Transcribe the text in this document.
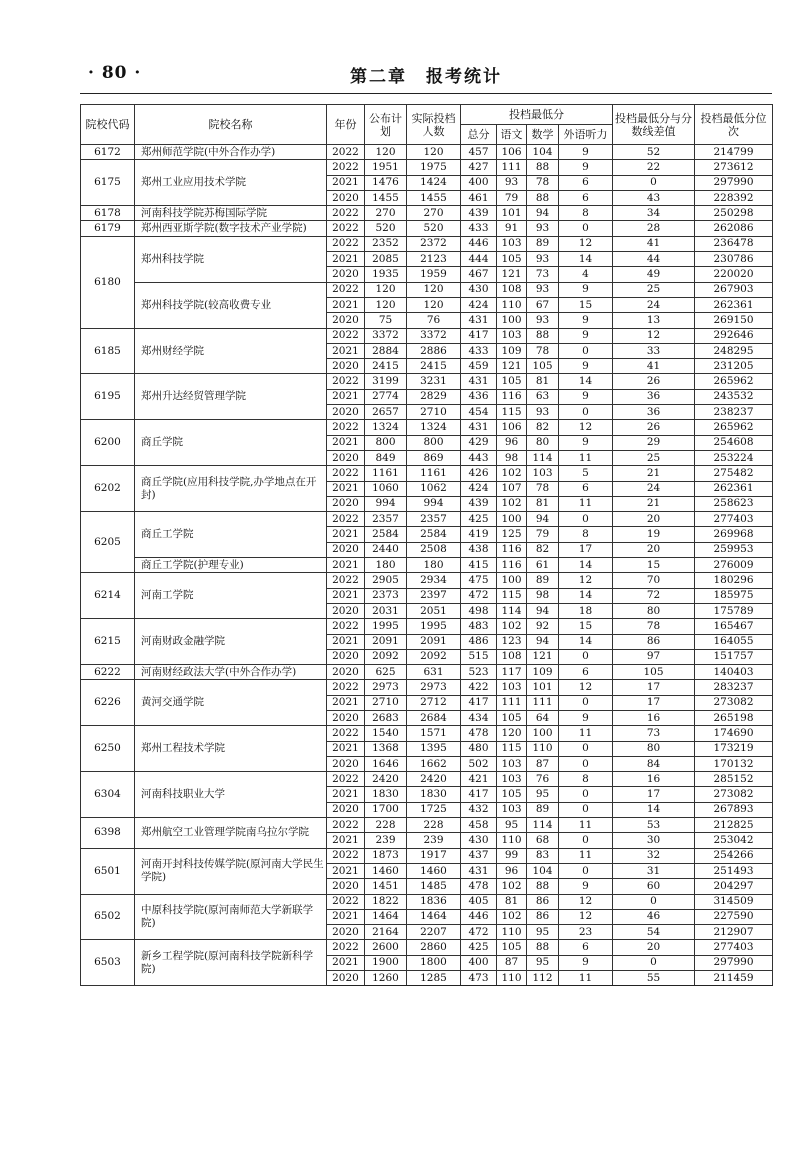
· 80 ·	第二章　报考统计
院校代码	院校名称	年份	公布计划	实际投档人数	投档最低分				投档最低分与分数线差值	投档最低分位次
					总分	语文	数学	外语听力		
6172	郑州师范学院(中外合作办学)	2022	120	120	457	106	104	9	52	214799
6175	郑州工业应用技术学院	2022	1951	1975	427	111	88	9	22	273612
		2021	1476	1424	400	93	78	6	0	297990
		2020	1455	1455	461	79	88	6	43	228392
6178	河南科技学院苏梅国际学院	2022	270	270	439	101	94	8	34	250298
6179	郑州西亚斯学院(数字技术产业学院)	2022	520	520	433	91	93	0	28	262086
6180	郑州科技学院	2022	2352	2372	446	103	89	12	41	236478
		2021	2085	2123	444	105	93	14	44	230786
		2020	1935	1959	467	121	73	4	49	220020
	郑州科技学院(较高收费专业	2022	120	120	430	108	93	9	25	267903
		2021	120	120	424	110	67	15	24	262361
		2020	75	76	431	100	93	9	13	269150
6185	郑州财经学院	2022	3372	3372	417	103	88	9	12	292646
		2021	2884	2886	433	109	78	0	33	248295
		2020	2415	2415	459	121	105	9	41	231205
6195	郑州升达经贸管理学院	2022	3199	3231	431	105	81	14	26	265962
		2021	2774	2829	436	116	63	9	36	243532
		2020	2657	2710	454	115	93	0	36	238237
6200	商丘学院	2022	1324	1324	431	106	82	12	26	265962
		2021	800	800	429	96	80	9	29	254608
		2020	849	869	443	98	114	11	25	253224
6202	商丘学院(应用科技学院,办学地点在开封)	2022	1161	1161	426	102	103	5	21	275482
		2021	1060	1062	424	107	78	6	24	262361
		2020	994	994	439	102	81	11	21	258623
6205	商丘工学院	2022	2357	2357	425	100	94	0	20	277403
		2021	2584	2584	419	125	79	8	19	269968
		2020	2440	2508	438	116	82	17	20	259953
	商丘工学院(护理专业)	2021	180	180	415	116	61	14	15	276009
6214	河南工学院	2022	2905	2934	475	100	89	12	70	180296
		2021	2373	2397	472	115	98	14	72	185975
		2020	2031	2051	498	114	94	18	80	175789
6215	河南财政金融学院	2022	1995	1995	483	102	92	15	78	165467
		2021	2091	2091	486	123	94	14	86	164055
		2020	2092	2092	515	108	121	0	97	151757
6222	河南财经政法大学(中外合作办学)	2020	625	631	523	117	109	6	105	140403
6226	黄河交通学院	2022	2973	2973	422	103	101	12	17	283237
		2021	2710	2712	417	111	111	0	17	273082
		2020	2683	2684	434	105	64	9	16	265198
6250	郑州工程技术学院	2022	1540	1571	478	120	100	11	73	174690
		2021	1368	1395	480	115	110	0	80	173219
		2020	1646	1662	502	103	87	0	84	170132
6304	河南科技职业大学	2022	2420	2420	421	103	76	8	16	285152
		2021	1830	1830	417	105	95	0	17	273082
		2020	1700	1725	432	103	89	0	14	267893
6398	郑州航空工业管理学院南乌拉尔学院	2022	228	228	458	95	114	11	53	212825
		2021	239	239	430	110	68	0	30	253042
6501	河南开封科技传媒学院(原河南大学民生学院)	2022	1873	1917	437	99	83	11	32	254266
		2021	1460	1460	431	96	104	0	31	251493
		2020	1451	1485	478	102	88	9	60	204297
6502	中原科技学院(原河南师范大学新联学院)	2022	1822	1836	405	81	86	12	0	314509
		2021	1464	1464	446	102	86	12	46	227590
		2020	2164	2207	472	110	95	23	54	212907
6503	新乡工程学院(原河南科技学院新科学院)	2022	2600	2860	425	105	88	6	20	277403
		2021	1900	1800	400	87	95	9	0	297990
		2020	1260	1285	473	110	112	11	55	211459
